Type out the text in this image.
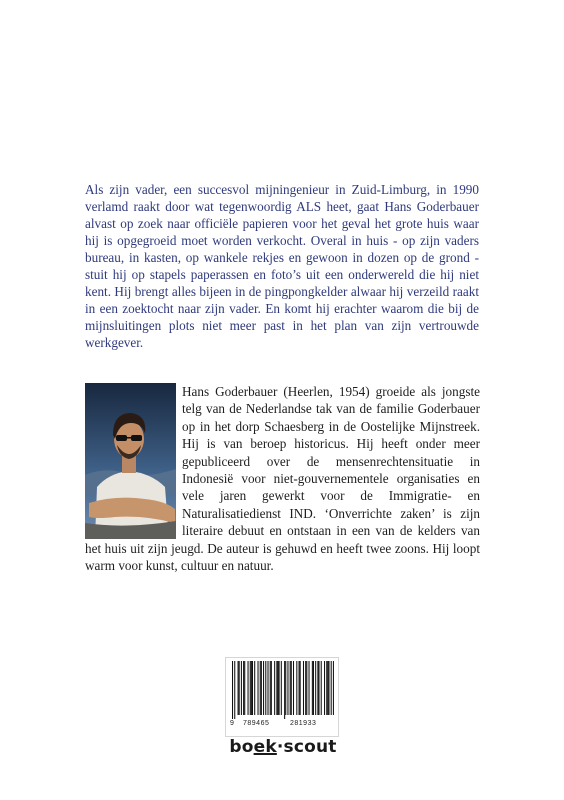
Als zijn vader, een succesvol mijningenieur in Zuid-Limburg, in 1990 verlamd raakt door wat tegenwoordig ALS heet, gaat Hans Goderbauer alvast op zoek naar officiële papieren voor het geval het grote huis waar hij is opgegroeid moet worden verkocht. Overal in huis - op zijn vaders bureau, in kasten, op wankele rekjes en gewoon in dozen op de grond - stuit hij op stapels paperassen en foto’s uit een onderwereld die hij niet kent. Hij brengt alles bijeen in de pingpongkelder alwaar hij verzeild raakt in een zoektocht naar zijn vader. En komt hij erachter waarom die bij de mijnsluitingen plots niet meer past in het plan van zijn vertrouwde werkgever.

Hans Goderbauer (Heerlen, 1954) groeide als jongste telg van de Nederlandse tak van de familie Goderbauer op in het dorp Schaesberg in de Oostelijke Mijnstreek. Hij is van beroep historicus. Hij heeft onder meer gepubliceerd over de mensenrechtensituatie in Indonesië voor niet-gouvernementele organisaties en vele jaren gewerkt voor de Immigratie- en Naturalisatiedienst IND. ‘Onverrichte zaken’ is zijn literaire debuut en ontstaan in een van de kelders van het huis uit zijn jeugd. De auteur is gehuwd en heeft twee zoons. Hij loopt warm voor kunst, cultuur en natuur.

9 789465	281933
boek·scout
